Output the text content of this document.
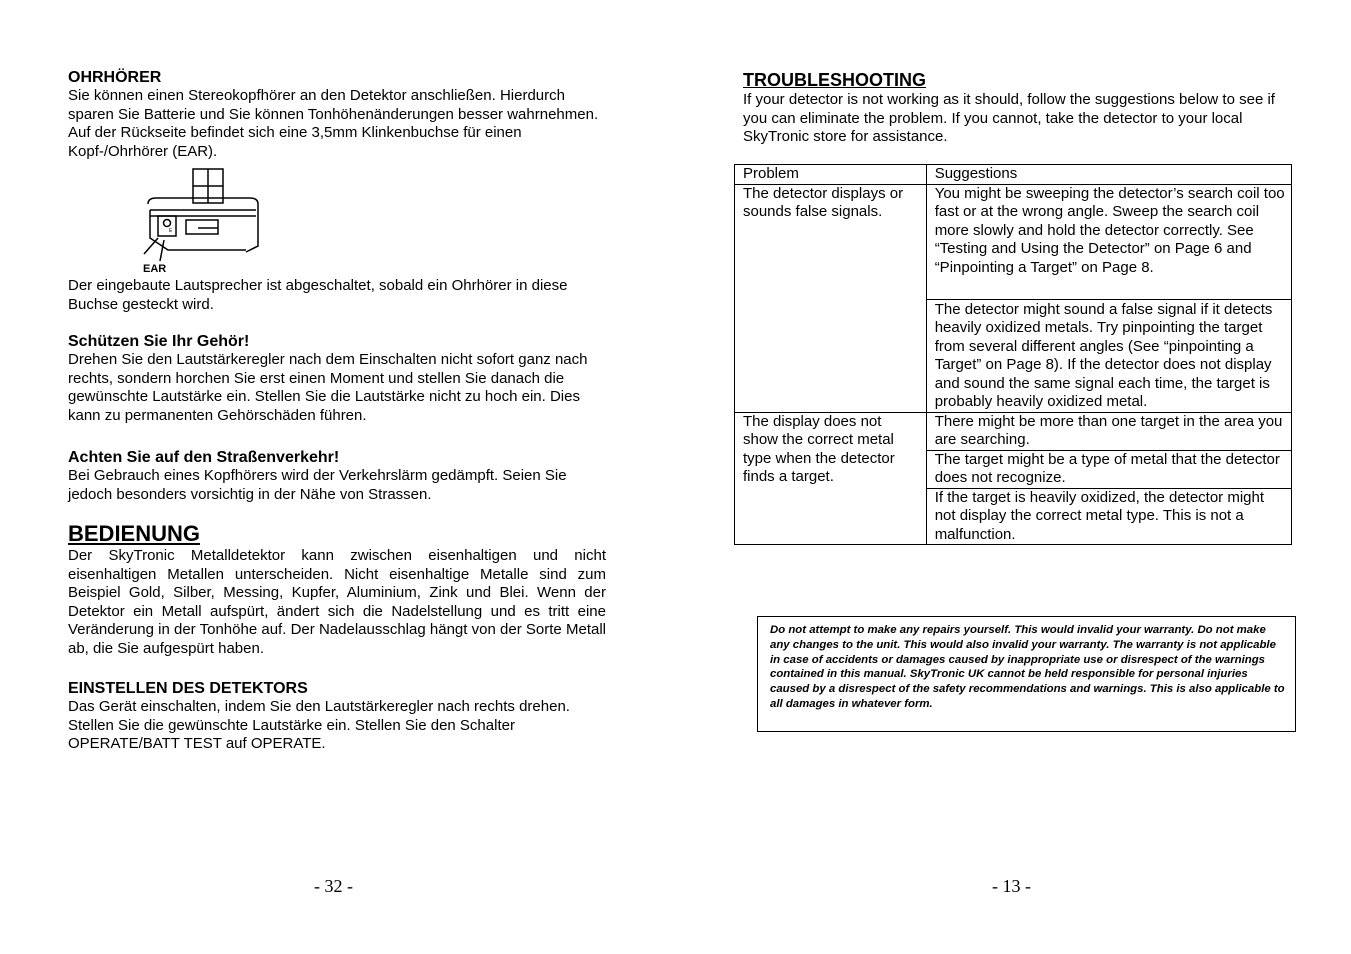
OHRHÖRER

Sie können einen Stereokopfhörer an den Detektor anschließen. Hierdurch sparen Sie Batterie und Sie können Tonhöhenänderungen besser wahrnehmen. Auf der Rückseite befindet sich eine 3,5mm Klinkenbuchse für einen Kopf-/Ohrhörer (EAR).

E
EAR

Der eingebaute Lautsprecher ist abgeschaltet, sobald ein Ohrhörer in diese Buchse gesteckt wird.

Schützen Sie Ihr Gehör!

Drehen Sie den Lautstärkeregler nach dem Einschalten nicht sofort ganz nach rechts, sondern horchen Sie erst einen Moment und stellen Sie danach die gewünschte Lautstärke ein. Stellen Sie die Lautstärke nicht zu hoch ein. Dies kann zu permanenten Gehörschäden führen.

Achten Sie auf den Straßenverkehr!

Bei Gebrauch eines Kopfhörers wird der Verkehrslärm gedämpft. Seien Sie jedoch besonders vorsichtig in der Nähe von Strassen.

BEDIENUNG

Der SkyTronic Metalldetektor kann zwischen eisenhaltigen und nicht eisenhaltigen Metallen unterscheiden. Nicht eisenhaltige Metalle sind zum Beispiel Gold, Silber, Messing, Kupfer, Aluminium, Zink und Blei. Wenn der Detektor ein Metall aufspürt, ändert sich die Nadelstellung und es tritt eine Veränderung in der Tonhöhe auf. Der Nadelausschlag hängt von der Sorte Metall ab, die Sie aufgespürt haben.

EINSTELLEN DES DETEKTORS

Das Gerät einschalten, indem Sie den Lautstärkeregler nach rechts drehen. Stellen Sie die gewünschte Lautstärke ein. Stellen Sie den Schalter OPERATE/BATT TEST auf OPERATE.

- 32 -

TROUBLESHOOTING

If your detector is not working as it should, follow the suggestions below to see if you can eliminate the problem. If you cannot, take the detector to your local SkyTronic store for assistance.

Problem	Suggestions
The detector displays or sounds false signals.	You might be sweeping the detector’s search coil too fast or at the wrong angle. Sweep the search coil more slowly and hold the detector correctly. See “Testing and Using the Detector” on Page 6 and “Pinpointing a Target” on Page 8.
	The detector might sound a false signal if it detects heavily oxidized metals. Try pinpointing the target from several different angles (See “pinpointing a Target” on Page 8). If the detector does not display and sound the same signal each time, the target is probably heavily oxidized metal.
The display does not show the correct metal type when the detector finds a target.	There might be more than one target in the area you are searching.
	The target might be a type of metal that the detector does not recognize.
	If the target is heavily oxidized, the detector might not display the correct metal type. This is not a malfunction.
Do not attempt to make any repairs yourself. This would invalid your warranty. Do not make any changes to the unit. This would also invalid your warranty. The warranty is not applicable in case of accidents or damages caused by inappropriate use or disrespect of the warnings contained in this manual. SkyTronic UK cannot be held responsible for personal injuries caused by a disrespect of the safety recommendations and warnings. This is also applicable to all damages in whatever form.
- 13 -
